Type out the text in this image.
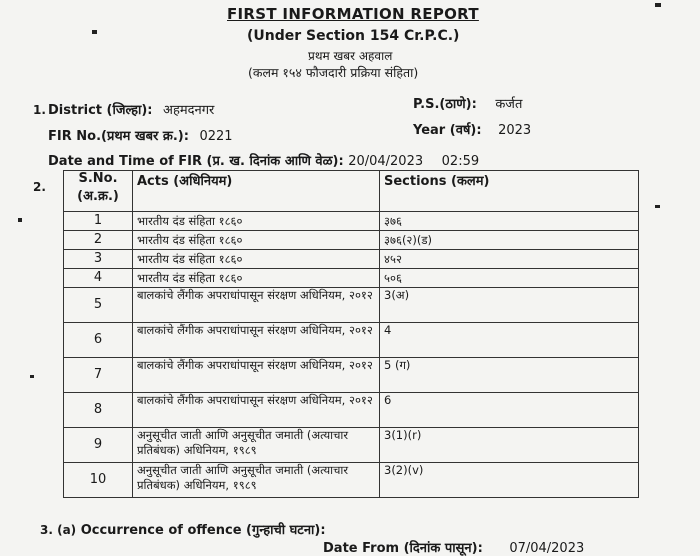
FIRST INFORMATION REPORT
(Under Section 154 Cr.P.C.)
प्रथम खबर अहवाल
(कलम १५४ फौजदारी प्रक्रिया संहिता)
1. District (जिल्हा): अहमदनगर	P.S.(ठाणे): कर्जत
FIR No.(प्रथम खबर क्र.): 0221	Year (वर्ष): 2023
Date and Time of FIR (प्र. ख. दिनांक आणि वेळ): 20/04/2023 02:59
2.
S.No. (अ.क्र.)	Acts (अधिनियम)	Sections (कलम)
1	भारतीय दंड संहिता १८६०	३७६
2	भारतीय दंड संहिता १८६०	३७६(२)(ड)
3	भारतीय दंड संहिता १८६०	४५२
4	भारतीय दंड संहिता १८६०	५०६
5	बालकांचे लैंगीक अपराधांपासून संरक्षण अधिनियम, २०१२	3(अ)
6	बालकांचे लैंगीक अपराधांपासून संरक्षण अधिनियम, २०१२	4
7	बालकांचे लैंगीक अपराधांपासून संरक्षण अधिनियम, २०१२	5 (ग)
8	बालकांचे लैंगीक अपराधांपासून संरक्षण अधिनियम, २०१२	6
9	अनुसूचीत जाती आणि अनुसूचीत जमाती (अत्याचार प्रतिबंधक) अधिनियम, १९८९	3(1)(r)
10	अनुसूचीत जाती आणि अनुसूचीत जमाती (अत्याचार प्रतिबंधक) अधिनियम, १९८९	3(2)(v)
3. (a) Occurrence of offence (गुन्हाची घटना):
Date From (दिनांक पासून): 07/04/2023
